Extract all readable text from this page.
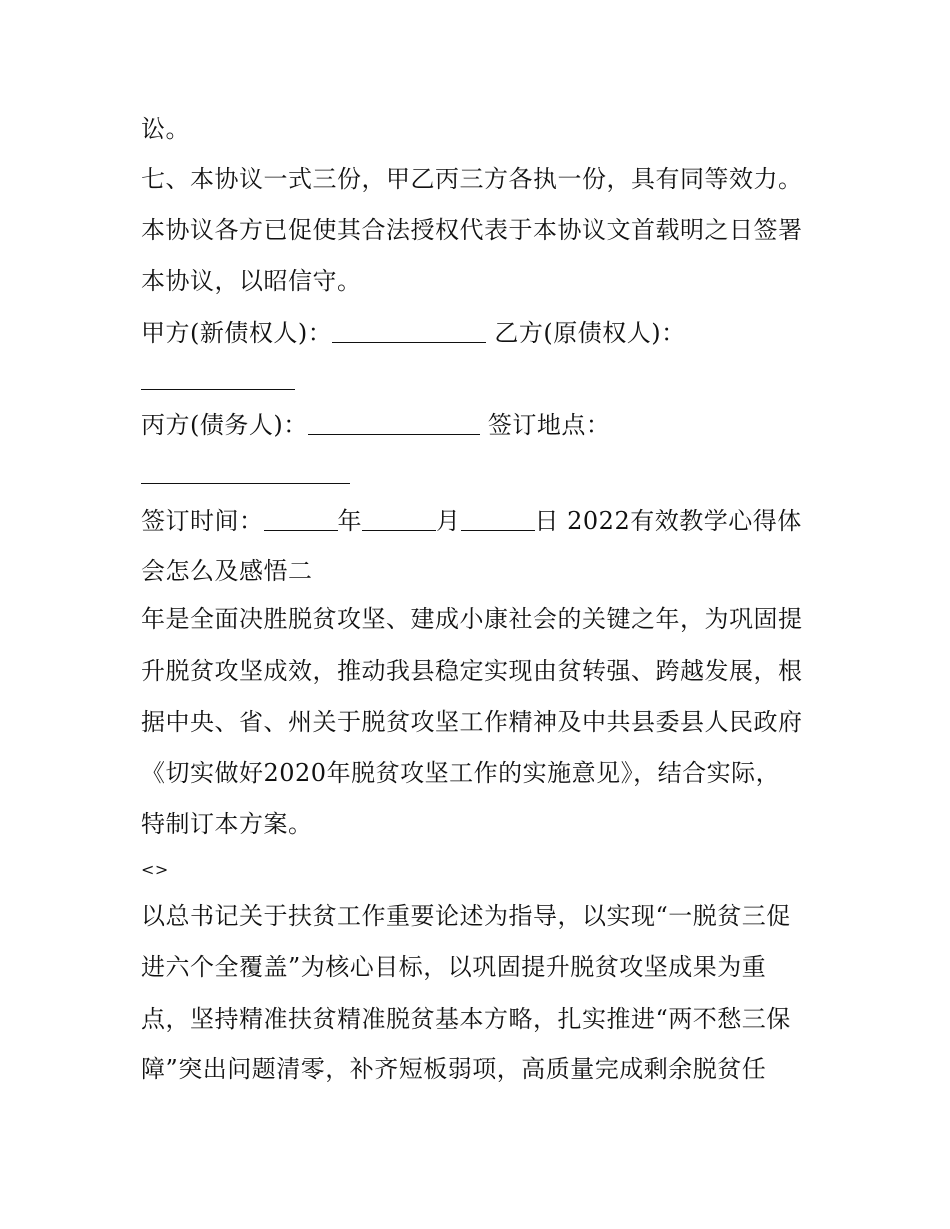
讼。
七、本协议一式三份，甲乙丙三方各执一份，具有同等效力。
本协议各方已促使其合法授权代表于本协议文首载明之日签署
本协议，以昭信守。
甲方(新债权人)：	乙方(原债权人)：
丙方(债务人)：	签订地点：
签订时间：	年	月	日 2022有效教学心得体
会怎么及感悟二
年是全面决胜脱贫攻坚、建成小康社会的关键之年，为巩固提
升脱贫攻坚成效，推动我县稳定实现由贫转强、跨越发展，根
据中央、省、州关于脱贫攻坚工作精神及中共县委县人民政府
《切实做好2020年脱贫攻坚工作的实施意见》，结合实际，
特制订本方案。
<>
以总书记关于扶贫工作重要论述为指导，以实现“一脱贫三促
进六个全覆盖”为核心目标，以巩固提升脱贫攻坚成果为重
点，坚持精准扶贫精准脱贫基本方略，扎实推进“两不愁三保
障”突出问题清零，补齐短板弱项，高质量完成剩余脱贫任
